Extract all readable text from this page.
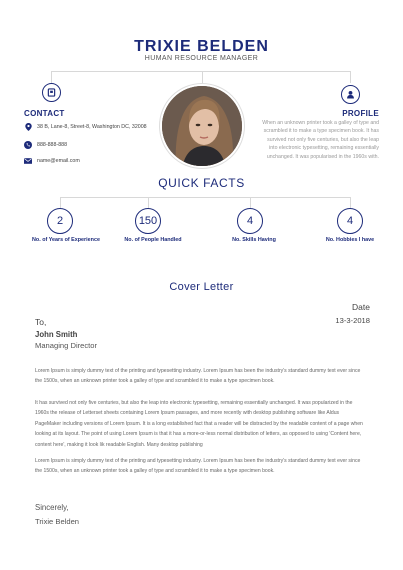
TRIXIE BELDEN
HUMAN RESOURCE MANAGER
CONTACT
38 B, Lane-8, Street-8, Washington DC, 32008
888-888-888
name@email.com
PROFILE
When an unknown printer took a galley of type and
scrambled it to make a type specimen book. It has
survived not only five centuries, but also the leap
into electronic typesetting, remaining essentially
unchanged. It was popularised in the 1960s with.
QUICK FACTS
2	150	4	4
No. of Years of Experience	No. of People Handled	No. Skills Having	No. Hobbies I have
Cover Letter
Date
13-3-2018
To,
John Smith
Managing Director
Lorem Ipsum is simply dummy text of the printing and typesetting industry. Lorem Ipsum has been the industry's standard dummy text ever since
the 1500s, when an unknown printer took a galley of type and scrambled it to make a type specimen book.
It has survived not only five centuries, but also the leap into electronic typesetting, remaining essentially unchanged. It was popularized in the
1960s the release of Letterset sheets containing Lorem Ipsum passages, and more recently with desktop publishing software like Aldus
PageMaker including versions of Lorem Ipsum. It is a long established fact that a reader will be distracted by the readable content of a page when
looking at its layout. The point of using Lorem Ipsum is that it has a more-or-less normal distribution of letters, as opposed to using 'Content here,
content here', making it look lik readable English. Many desktop publishing
Lorem Ipsum is simply dummy text of the printing and typesetting industry. Lorem Ipsum has been the industry's standard dummy text ever since
the 1500s, when an unknown printer took a galley of type and scrambled it to make a type specimen book.
Sincerely,
Trixie Belden
